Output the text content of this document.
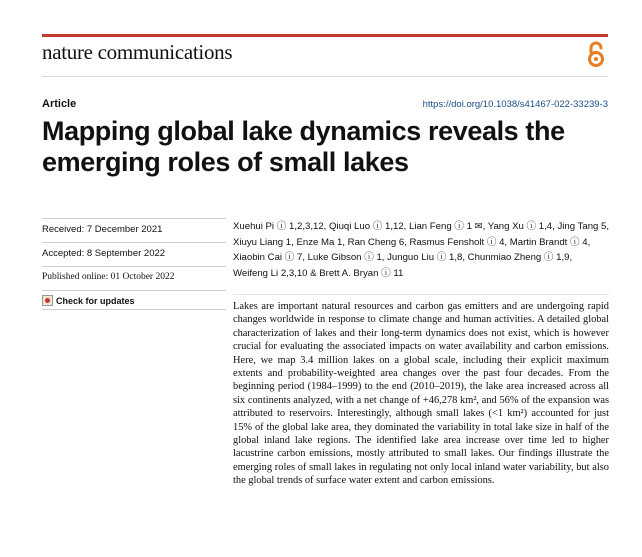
nature communications
Article	https://doi.org/10.1038/s41467-022-33239-3
Mapping global lake dynamics reveals the emerging roles of small lakes
Received: 7 December 2021
Accepted: 8 September 2022
Published online: 01 October 2022
Check for updates
Xuehui Pi ⓘ 1,2,3,12, Qiuqi Luo ⓘ 1,12, Lian Feng ⓘ 1 ✉, Yang Xu ⓘ 1,4, Jing Tang 5,
Xiuyu Liang 1, Enze Ma 1, Ran Cheng 6, Rasmus Fensholt ⓘ 4, Martin Brandt ⓘ 4,
Xiaobin Cai ⓘ 7, Luke Gibson ⓘ 1, Junguo Liu ⓘ 1,8, Chunmiao Zheng ⓘ 1,9,
Weifeng Li 2,3,10 & Brett A. Bryan ⓘ 11

Lakes are important natural resources and carbon gas emitters and are undergoing rapid changes worldwide in response to climate change and human activities. A detailed global characterization of lakes and their long-term dynamics does not exist, which is however crucial for evaluating the associated impacts on water availability and carbon emissions. Here, we map 3.4 million lakes on a global scale, including their explicit maximum extents and probability-weighted area changes over the past four decades. From the beginning period (1984–1999) to the end (2010–2019), the lake area increased across all six continents analyzed, with a net change of +46,278 km², and 56% of the expansion was attributed to reservoirs. Interestingly, although small lakes (<1 km²) accounted for just 15% of the global lake area, they dominated the variability in total lake size in half of the global inland lake regions. The identified lake area increase over time led to higher lacustrine carbon emissions, mostly attributed to small lakes. Our findings illustrate the emerging roles of small lakes in regulating not only local inland water variability, but also the global trends of surface water extent and carbon emissions.
